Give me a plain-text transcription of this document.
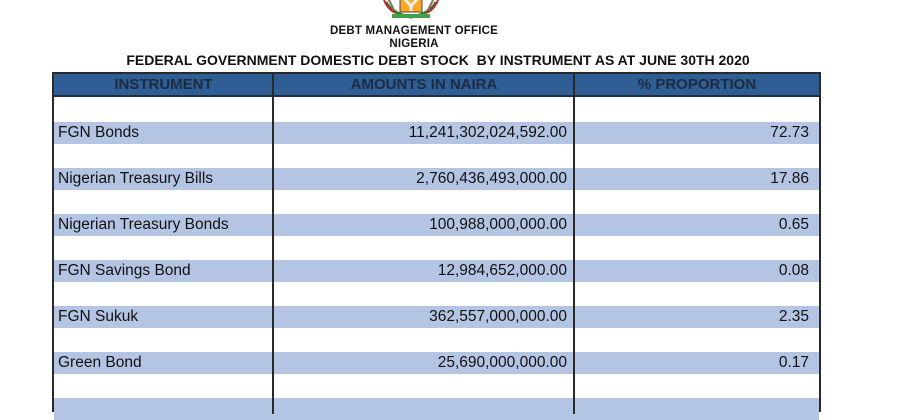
DEBT MANAGEMENT OFFICE
NIGERIA
FEDERAL GOVERNMENT DOMESTIC DEBT STOCK  BY INSTRUMENT AS AT JUNE 30TH 2020
INSTRUMENT	AMOUNTS IN NAIRA	% PROPORTION
FGN Bonds	11,241,302,024,592.00	72.73
Nigerian Treasury Bills	2,760,436,493,000.00	17.86
Nigerian Treasury Bonds	100,988,000,000.00	0.65
FGN Savings Bond	12,984,652,000.00	0.08
FGN Sukuk	362,557,000,000.00	2.35
Green Bond	25,690,000,000.00	0.17
